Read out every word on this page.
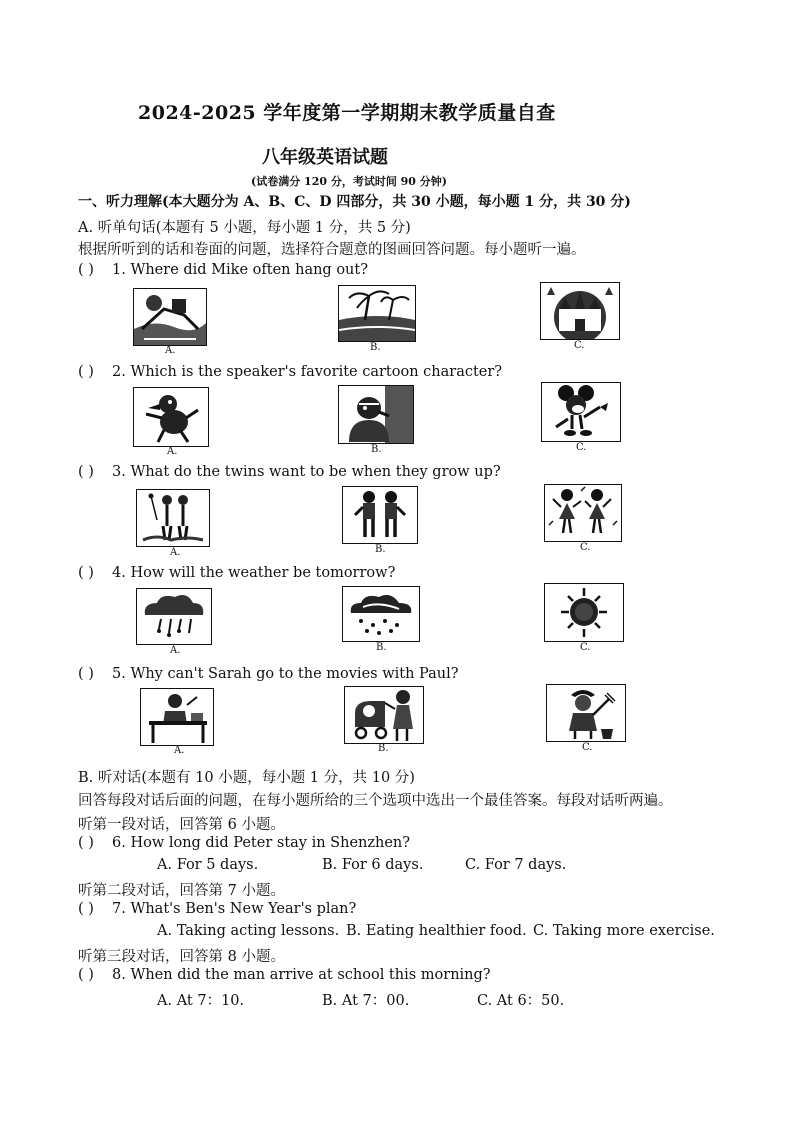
2024-2025 学年度第一学期期末教学质量自查
八年级英语试题
(试卷满分 120 分，考试时间 90 分钟)
一、听力理解(本大题分为 A、B、C、D 四部分，共 30 小题，每小题 1 分，共 30 分)
A. 听单句话(本题有 5 小题，每小题 1 分，共 5 分)
根据所听到的话和卷面的问题，选择符合题意的图画回答问题。每小题听一遍。
( ) 1. Where did Mike often hang out?
A.	B.	C.
( ) 2. Which is the speaker's favorite cartoon character?
A.	B.	C.
( ) 3. What do the twins want to be when they grow up?
A.	B.	C.
( ) 4. How will the weather be tomorrow?
A.	B.	C.
( ) 5. Why can't Sarah go to the movies with Paul?
A.	B.	C.
B. 听对话(本题有 10 小题，每小题 1 分，共 10 分)
回答每段对话后面的问题，在每小题所给的三个选项中选出一个最佳答案。每段对话听两遍。
听第一段对话，回答第 6 小题。
( ) 6. How long did Peter stay in Shenzhen?
A. For 5 days.	B. For 6 days.	C. For 7 days.
听第二段对话，回答第 7 小题。
( ) 7. What's Ben's New Year's plan?
A. Taking acting lessons. B. Eating healthier food. C. Taking more exercise.
听第三段对话，回答第 8 小题。
( ) 8. When did the man arrive at school this morning?
A. At 7：10.	B. At 7：00.	C. At 6：50.
